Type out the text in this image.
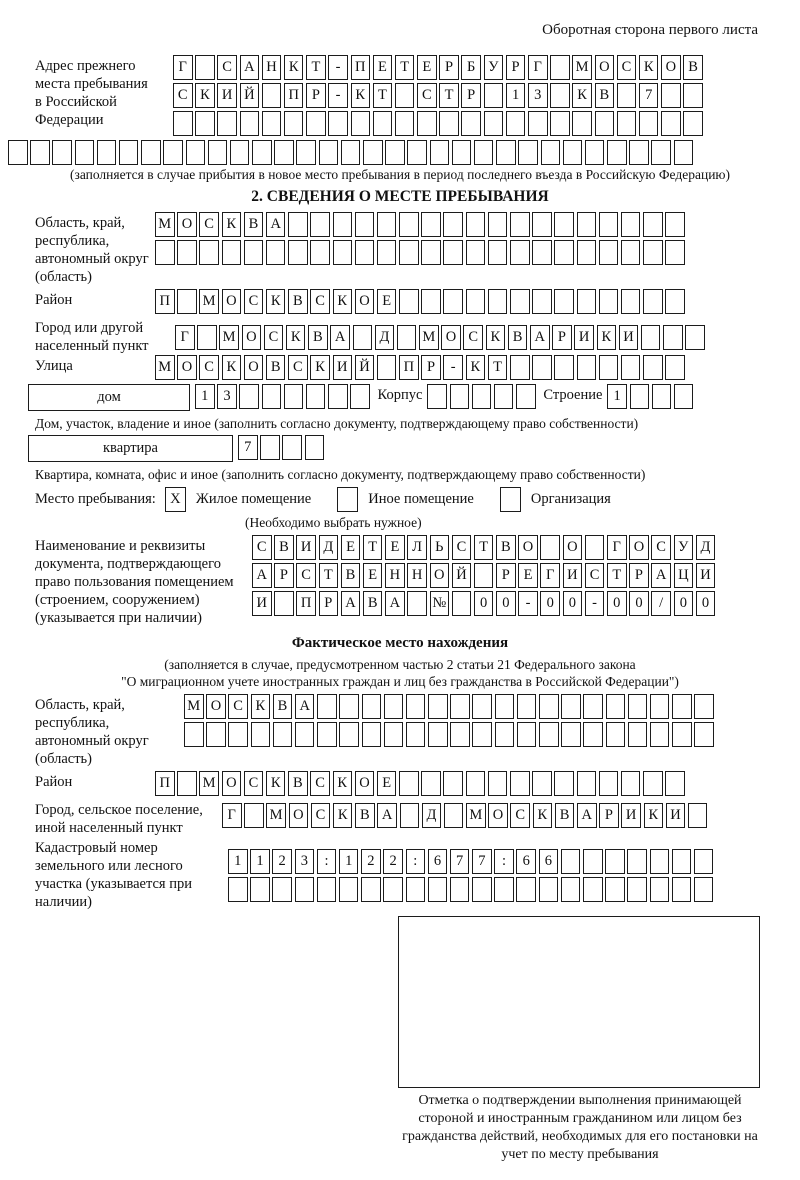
Оборотная сторона первого листа
Адрес прежнего места пребывания в Российской Федерации
Г	С А Н К Т	-	П Е Т Е Р Б У Р Г	М О С К О В
С К И Й	П Р	-	К Т	С Т Р	1	3	К В	7
(заполняется в случае прибытия в новое место пребывания в период последнего въезда в Российскую Федерацию)
2. СВЕДЕНИЯ О МЕСТЕ ПРЕБЫВАНИЯ
Область, край, республика, автономный округ (область)
М О С К В А
Район	П	М О С К В С К О Е
Город или другой населенный пункт
Г	М О С К В А	Д	М О С К В А Р И К И
Улица	М О С К О В С К И Й	П Р	-	К Т
дом	1	3	Корпус	Строение 1
Дом, участок, владение и иное (заполнить согласно документу, подтверждающему право собственности)
квартира	7
Квартира, комната, офис и иное (заполнить согласно документу, подтверждающему право собственности)
Место пребывания: X	Жилое помещение	Иное помещение	Организация
(Необходимо выбрать нужное)
Наименование и реквизиты документа, подтверждающего право пользования помещением (строением, сооружением) (указывается при наличии)
С В И Д Е Т Е Л Ь С Т В О	О	Г О С У Д
А Р С Т В Е Н Н О Й	Р Е Г И С Т Р А Ц И
И	П Р А В А	№	0	0	-	0	0	-	0	0	/	0	0
Фактическое место нахождения
(заполняется в случае, предусмотренном частью 2 статьи 21 Федерального закона
"О миграционном учете иностранных граждан и лиц без гражданства в Российской Федерации")
Область, край, республика, автономный округ (область)
М О С К В А
Район	П	М О С К В С К О Е
Город, сельское поселение, иной населенный пункт
Г	М О С К В А	Д	М О С К В А Р И К И
Кадастровый номер земельного или лесного участка (указывается при наличии)
1	1	2	3	:	1	2	2	:	6	7	7	:	6	6
Отметка о подтверждении выполнения принимающей стороной и иностранным гражданином или лицом без гражданства действий, необходимых для его постановки на учет по месту пребывания
